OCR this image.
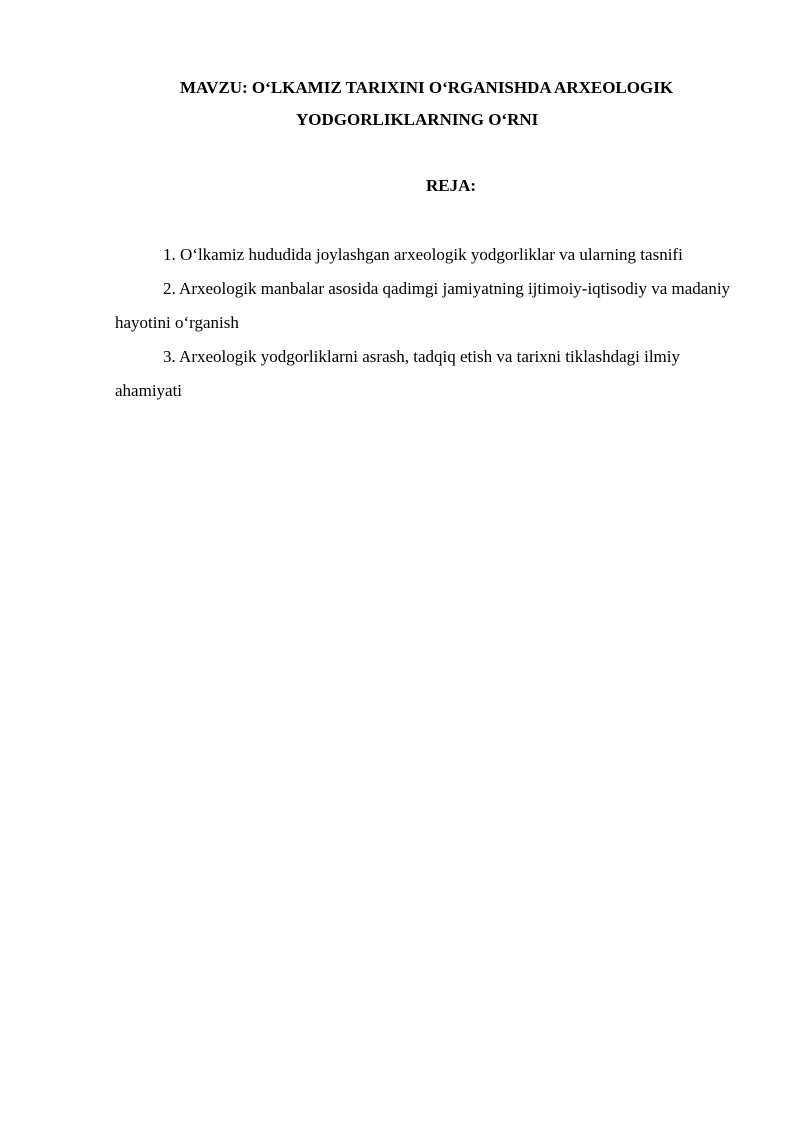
MAVZU: O‘LKAMIZ TARIXINI O‘RGANISHDA ARXEOLOGIK
YODGORLIKLARNING O‘RNI
REJA:

1. O‘lkamiz hududida joylashgan arxeologik yodgorliklar va ularning tasnifi

2. Arxeologik manbalar asosida qadimgi jamiyatning ijtimoiy-iqtisodiy va madaniy hayotini o‘rganish

3. Arxeologik yodgorliklarni asrash, tadqiq etish va tarixni tiklashdagi ilmiy ahamiyati
